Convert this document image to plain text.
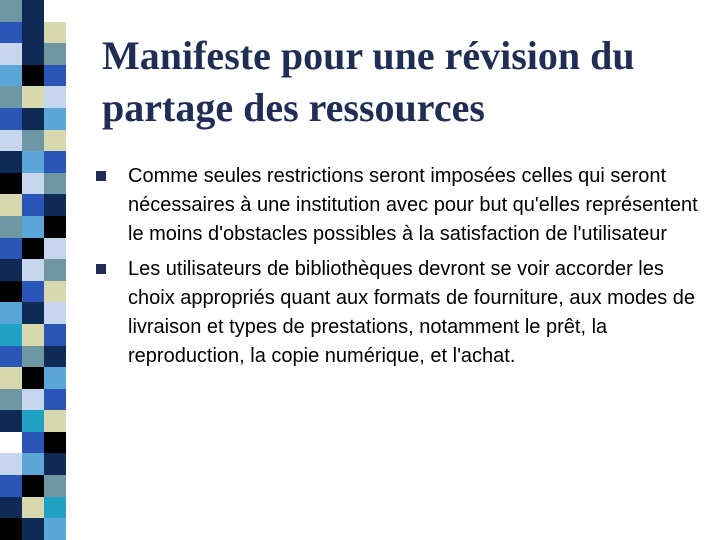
Manifeste pour une révision du partage des ressources
Comme seules restrictions seront imposées celles qui seront nécessaires à une institution avec pour but qu'elles représentent le moins d'obstacles possibles à la satisfaction de l'utilisateur
Les utilisateurs de bibliothèques devront se voir accorder les choix appropriés quant aux formats de fourniture, aux modes de livraison et types de prestations, notamment le prêt, la reproduction, la copie numérique, et l'achat.
